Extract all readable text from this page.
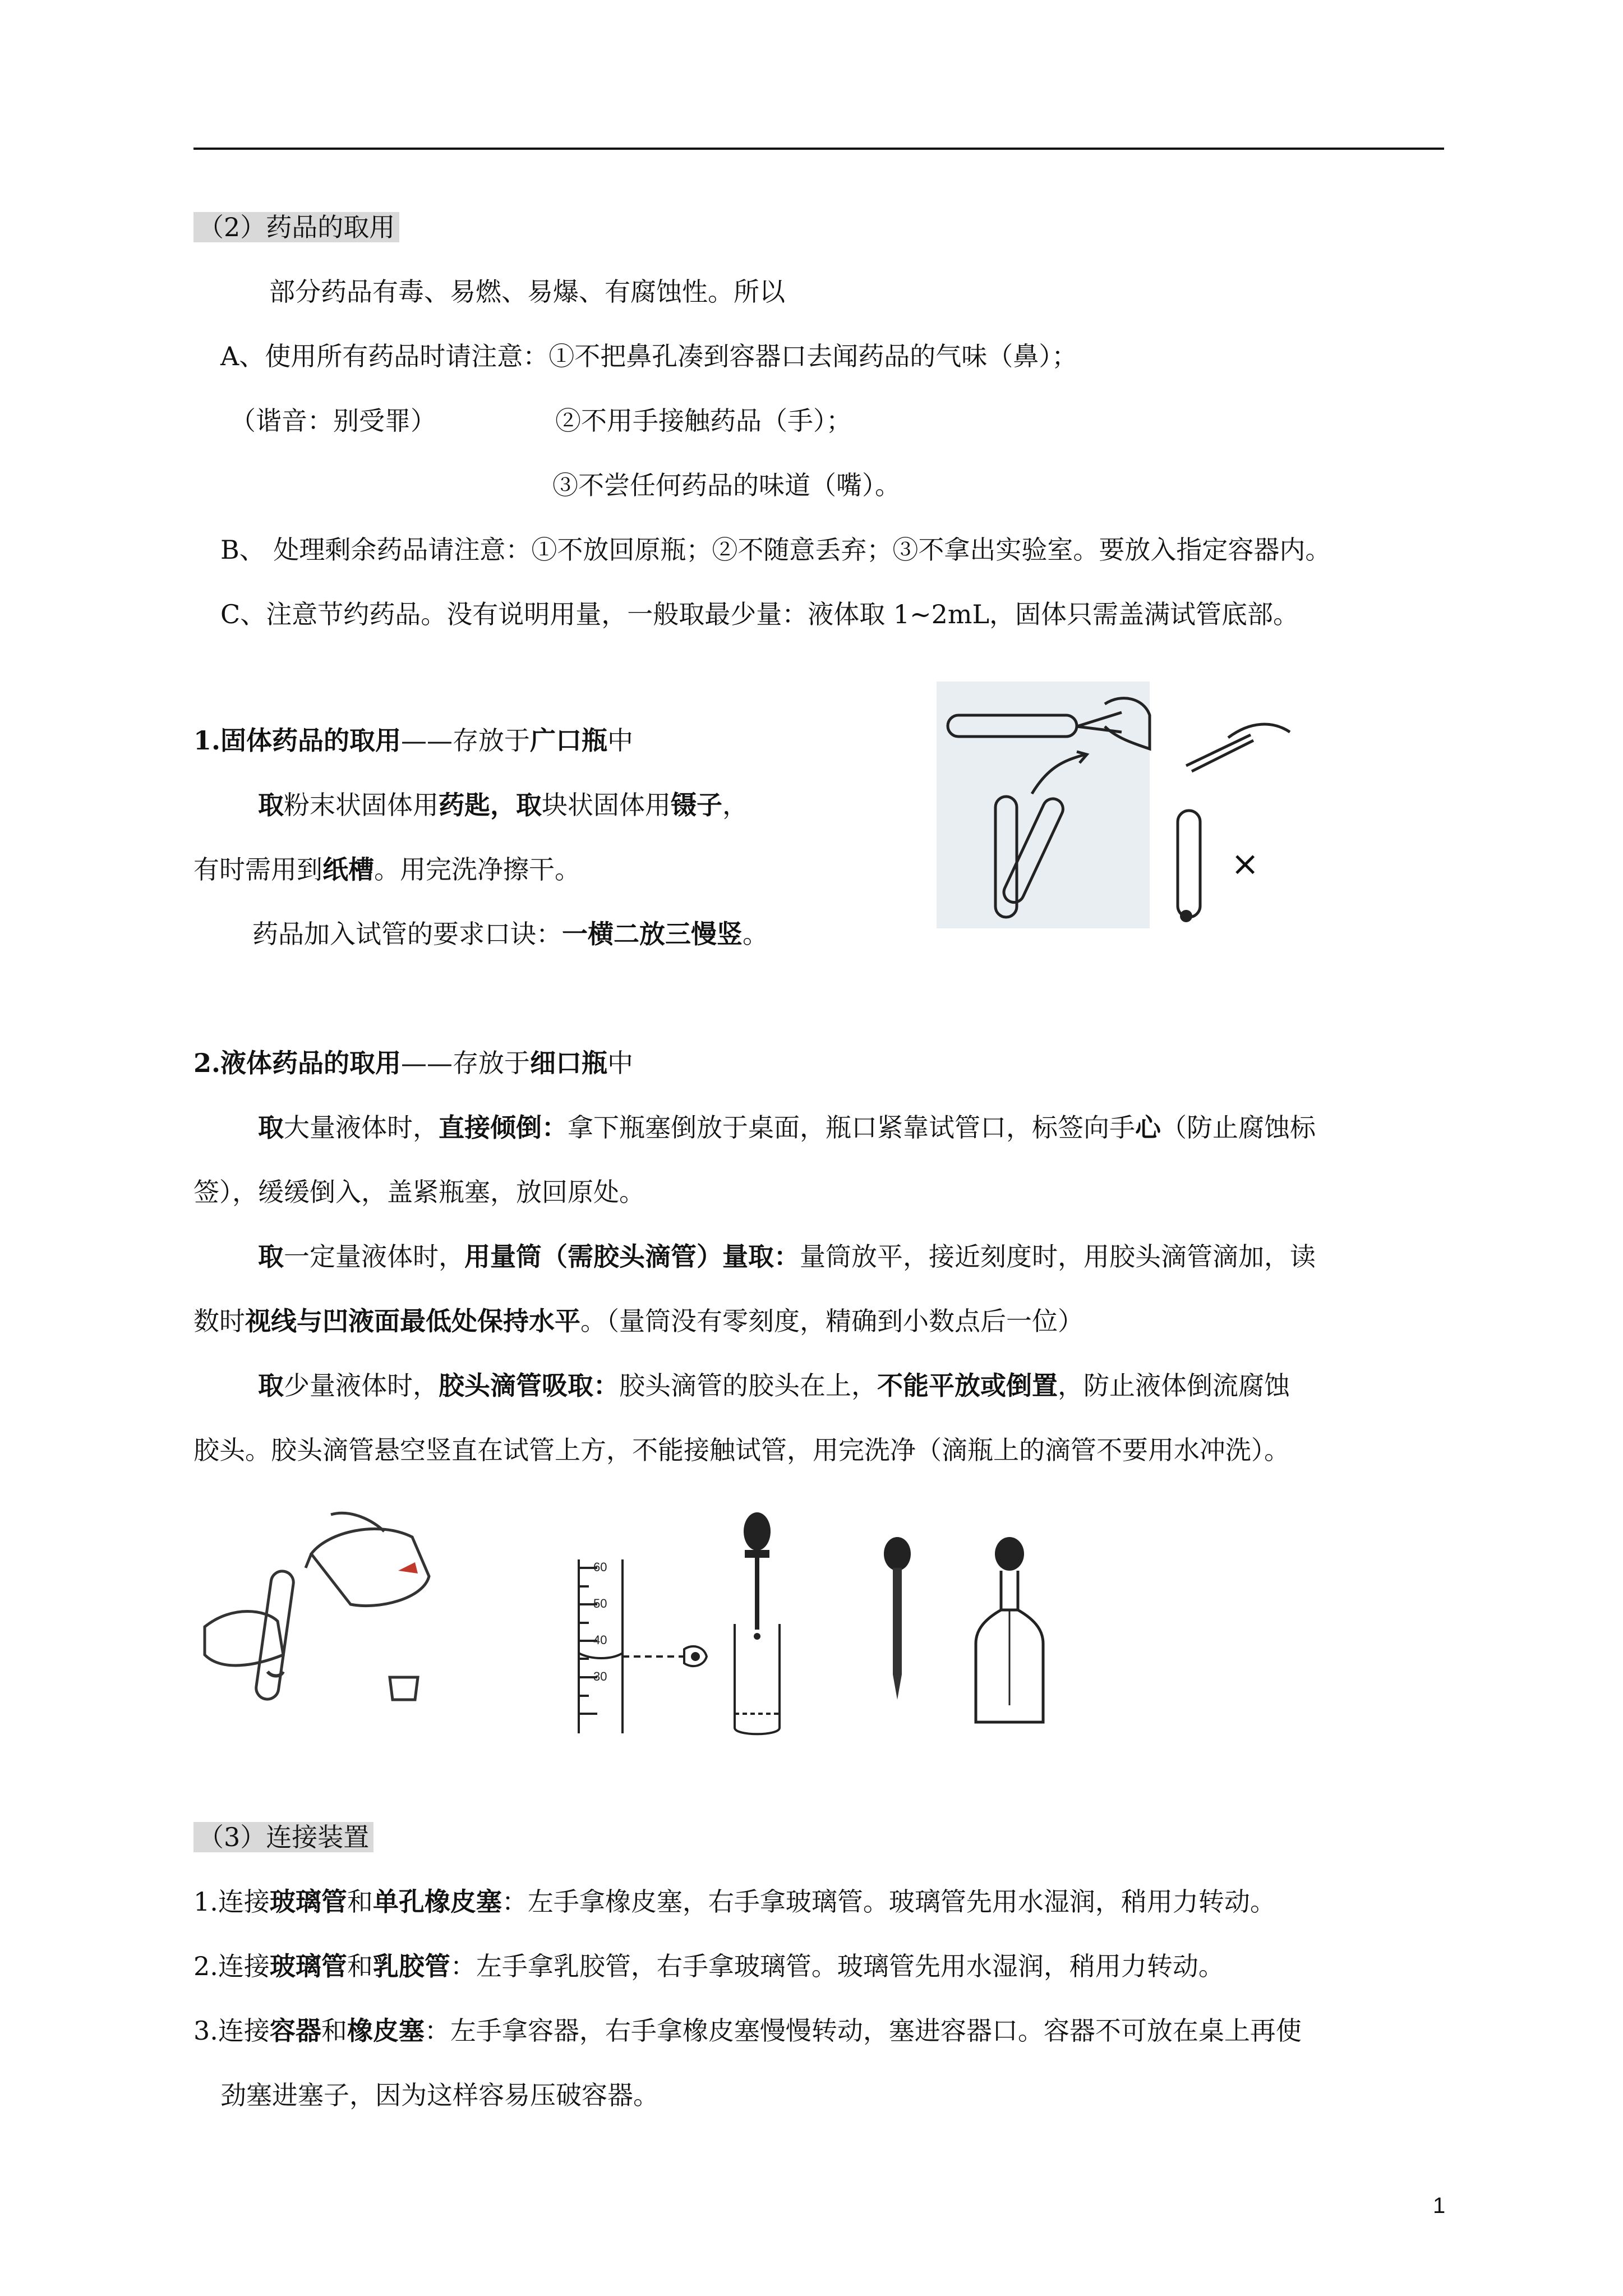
（2）药品的取用
部分药品有毒、易燃、易爆、有腐蚀性。所以
A、使用所有药品时请注意：①不把鼻孔凑到容器口去闻药品的气味（鼻）；
（谐音：别受罪）	②不用手接触药品（手）；
③不尝任何药品的味道（嘴）。
B、 处理剩余药品请注意：①不放回原瓶；②不随意丢弃；③不拿出实验室。要放入指定容器内。
C、注意节约药品。没有说明用量，一般取最少量：液体取 1~2mL，固体只需盖满试管底部。
1.固体药品的取用——存放于广口瓶中
取粉末状固体用药匙，取块状固体用镊子，
有时需用到纸槽。用完洗净擦干。
药品加入试管的要求口诀：一横二放三慢竖。
×
2.液体药品的取用——存放于细口瓶中
取大量液体时，直接倾倒：拿下瓶塞倒放于桌面，瓶口紧靠试管口，标签向手心（防止腐蚀标
签），缓缓倒入，盖紧瓶塞，放回原处。
取一定量液体时，用量筒（需胶头滴管）量取：量筒放平，接近刻度时，用胶头滴管滴加，读
数时视线与凹液面最低处保持水平。（量筒没有零刻度，精确到小数点后一位）
取少量液体时，胶头滴管吸取：胶头滴管的胶头在上，不能平放或倒置，防止液体倒流腐蚀
胶头。胶头滴管悬空竖直在试管上方，不能接触试管，用完洗净（滴瓶上的滴管不要用水冲洗）。
60
50
40
30
（3）连接装置
1.连接玻璃管和单孔橡皮塞：左手拿橡皮塞，右手拿玻璃管。玻璃管先用水湿润，稍用力转动。
2.连接玻璃管和乳胶管：左手拿乳胶管，右手拿玻璃管。玻璃管先用水湿润，稍用力转动。
3.连接容器和橡皮塞：左手拿容器，右手拿橡皮塞慢慢转动，塞进容器口。容器不可放在桌上再使
劲塞进塞子，因为这样容易压破容器。
1
